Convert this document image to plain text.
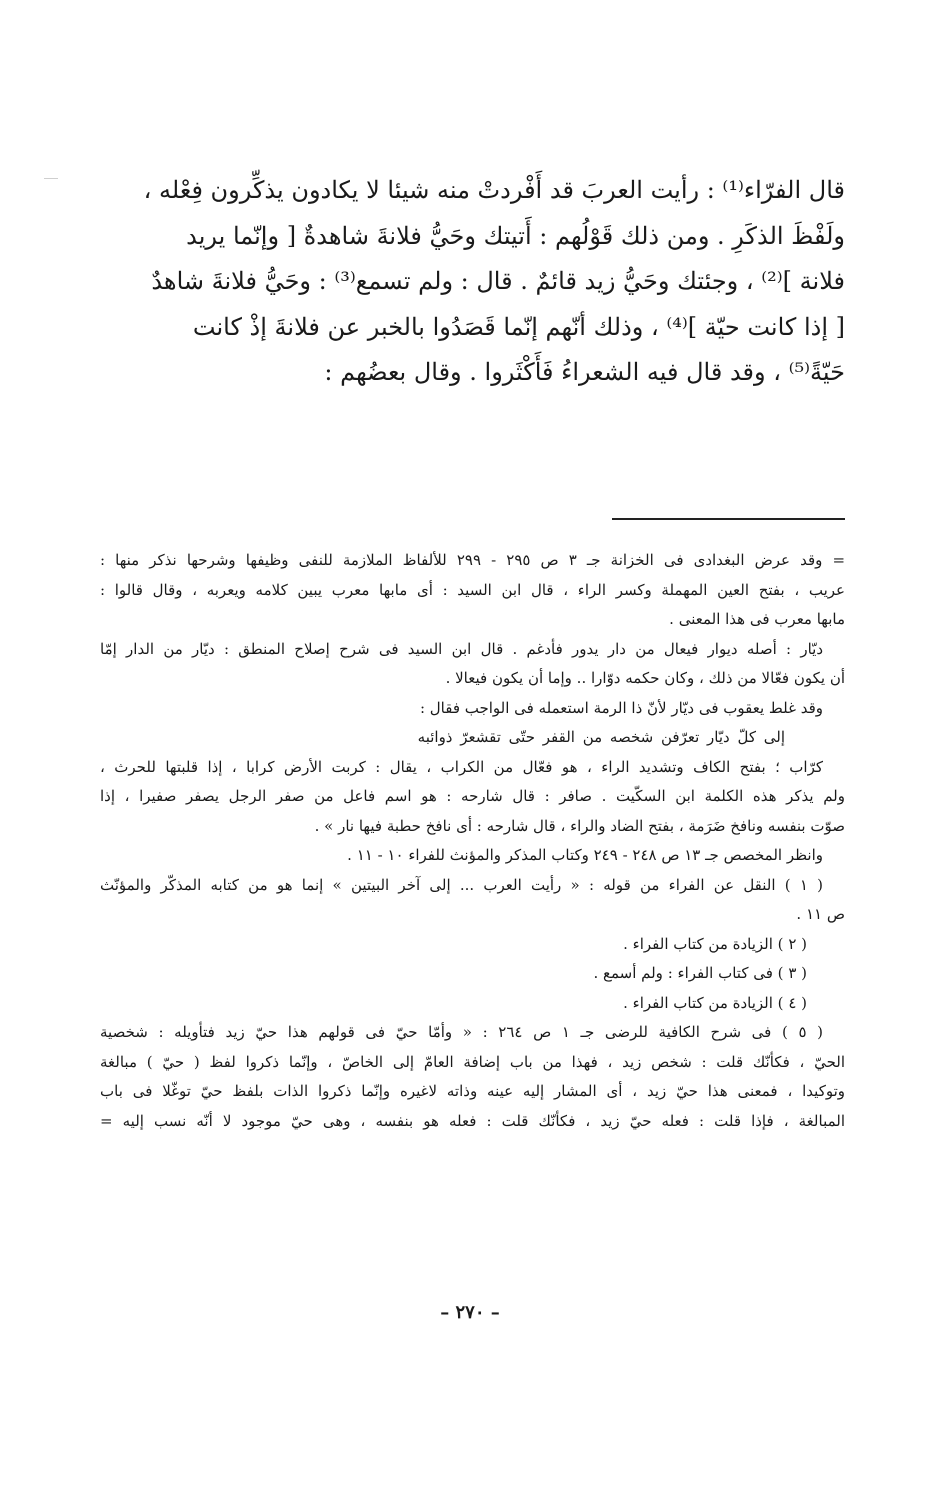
قال الفرّاء⁽¹⁾ : رأيت العربَ قد أَفْردتْ منه شيئا لا يكادون يذكِّرون فِعْله ،
ولَفْظَ الذكَرِ . ومن ذلك قَوْلُهم : أَتيتك وحَيُّ فلانةَ شاهدةٌ [ وإنّما يريد
فلانة ]⁽²⁾ ، وجئتك وحَيُّ زيد قائمٌ . قال : ولم تسمع⁽³⁾ : وحَيُّ فلانةَ شاهدٌ
[ إذا كانت حيّة ]⁽⁴⁾ ، وذلك أنّهم إنّما قَصَدُوا بالخبر عن فلانةَ إذْ كانت
حَيّةً⁽⁵⁾ ، وقد قال فيه الشعراءُ فَأَكْثَروا . وقال بعضُهم :
= وقد عرض البغدادى فى الخزانة جـ ٣ ص ٢٩٥ - ٢٩٩ للألفاظ الملازمة للنفى وظيفها وشرحها نذكر منها :
عريب ، بفتح العين المهملة وكسر الراء ، قال ابن السيد : أى مابها معرب يبين كلامه ويعربه ، وقال قالوا :
مابها معرب فى هذا المعنى .
ديّار : أصله ديوار فيعال من دار يدور فأدغم . قال ابن السيد فى شرح إصلاح المنطق : ديّار من الدار إمّا
أن يكون فعّالا من ذلك ، وكان حكمه دوّارا .. وإما أن يكون فيعالا .
وقد غلط يعقوب فى ديّار لأنّ ذا الرمة استعمله فى الواجب فقال :
إلى كلّ ديّار تعرّفن شخصه من القفر حتّى تقشعرّ ذوائبه
كرّاب ؛ بفتح الكاف وتشديد الراء ، هو فعّال من الكراب ، يقال : كربت الأرض كرابا ، إذا قلبتها للحرث ،
ولم يذكر هذه الكلمة ابن السكّيت . صافر : قال شارحه : هو اسم فاعل من صفر الرجل يصفر صفيرا ، إذا
صوّت بنفسه ونافخ ضَرَمة ، بفتح الضاد والراء ، قال شارحه : أى نافخ حطبة فيها نار » .
وانظر المخصص جـ ١٣ ص ٢٤٨ - ٢٤٩ وكتاب المذكر والمؤنث للفراء ١٠ - ١١ .
( ١ ) النقل عن الفراء من قوله : « رأيت العرب ... إلى آخر البيتين » إنما هو من كتابه المذكّر والمؤنّث
ص ١١ .
( ٢ ) الزيادة من كتاب الفراء .
( ٣ ) فى كتاب الفراء : ولم أسمع .
( ٤ ) الزيادة من كتاب الفراء .
( ٥ ) فى شرح الكافية للرضى جـ ١ ص ٢٦٤ : « وأمّا حيّ فى قولهم هذا حيّ زيد فتأويله : شخصية
الحيّ ، فكأنّك قلت : شخص زيد ، فهذا من باب إضافة العامّ إلى الخاصّ ، وإنّما ذكروا لفظ ( حيّ ) مبالغة
وتوكيدا ، فمعنى هذا حيّ زيد ، أى المشار إليه عينه وذاته لاغيره وإنّما ذكروا الذات بلفظ حيّ توغّلا فى باب
المبالغة ، فإذا قلت : فعله حيّ زيد ، فكأنّك قلت : فعله هو بنفسه ، وهى حيّ موجود لا أنّه نسب إليه =
– ٢٧٠ –
